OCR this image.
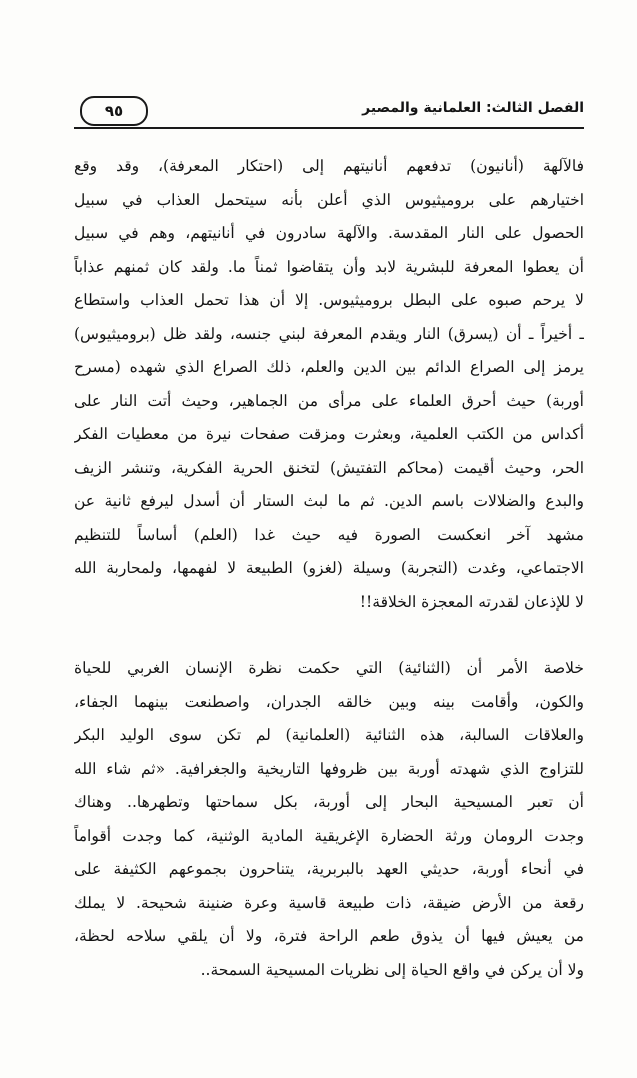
٩٥	الفصل الثالث: العلمانية والمصير
فالآلهة (أنانيون) تدفعهم أنانيتهم إلى (احتكار المعرفة)، وقد وقع
اختيارهم على بروميثيوس الذي أعلن بأنه سيتحمل العذاب في سبيل
الحصول على النار المقدسة. والآلهة سادرون في أنانيتهم، وهم في سبيل
أن يعطوا المعرفة للبشرية لابد وأن يتقاضوا ثمناً ما. ولقد كان ثمنهم عذاباً
لا يرحم صبوه على البطل بروميثيوس. إلا أن هذا تحمل العذاب واستطاع
ـ أخيراً ـ أن (يسرق) النار ويقدم المعرفة لبني جنسه، ولقد ظل (بروميثيوس)
يرمز إلى الصراع الدائم بين الدين والعلم، ذلك الصراع الذي شهده (مسرح
أوربة) حيث أحرق العلماء على مرأى من الجماهير، وحيث أتت النار على
أكداس من الكتب العلمية، وبعثرت ومزقت صفحات نيرة من معطيات الفكر
الحر، وحيث أقيمت (محاكم التفتيش) لتخنق الحرية الفكرية، وتنشر الزيف
والبدع والضلالات باسم الدين. ثم ما لبث الستار أن أسدل ليرفع ثانية عن
مشهد آخر انعكست الصورة فيه حيث غدا (العلم) أساساً للتنظيم
الاجتماعي، وغدت (التجربة) وسيلة (لغزو) الطبيعة لا لفهمها، ولمحاربة الله
لا للإذعان لقدرته المعجزة الخلاقة!!
خلاصة الأمر أن (الثنائية) التي حكمت نظرة الإنسان الغربي للحياة
والكون، وأقامت بينه وبين خالقه الجدران، واصطنعت بينهما الجفاء،
والعلاقات السالبة، هذه الثنائية (العلمانية) لم تكن سوى الوليد البكر
للتزاوج الذي شهدته أوربة بين ظروفها التاريخية والجغرافية. «ثم شاء الله
أن تعبر المسيحية البحار إلى أوربة، بكل سماحتها وتطهرها.. وهناك
وجدت الرومان ورثة الحضارة الإغريقية المادية الوثنية، كما وجدت أقواماً
في أنحاء أوربة، حديثي العهد بالبربرية، يتناحرون بجموعهم الكثيفة على
رقعة من الأرض ضيقة، ذات طبيعة قاسية وعرة ضنينة شحيحة. لا يملك
من يعيش فيها أن يذوق طعم الراحة فترة، ولا أن يلقي سلاحه لحظة،
ولا أن يركن في واقع الحياة إلى نظريات المسيحية السمحة..
